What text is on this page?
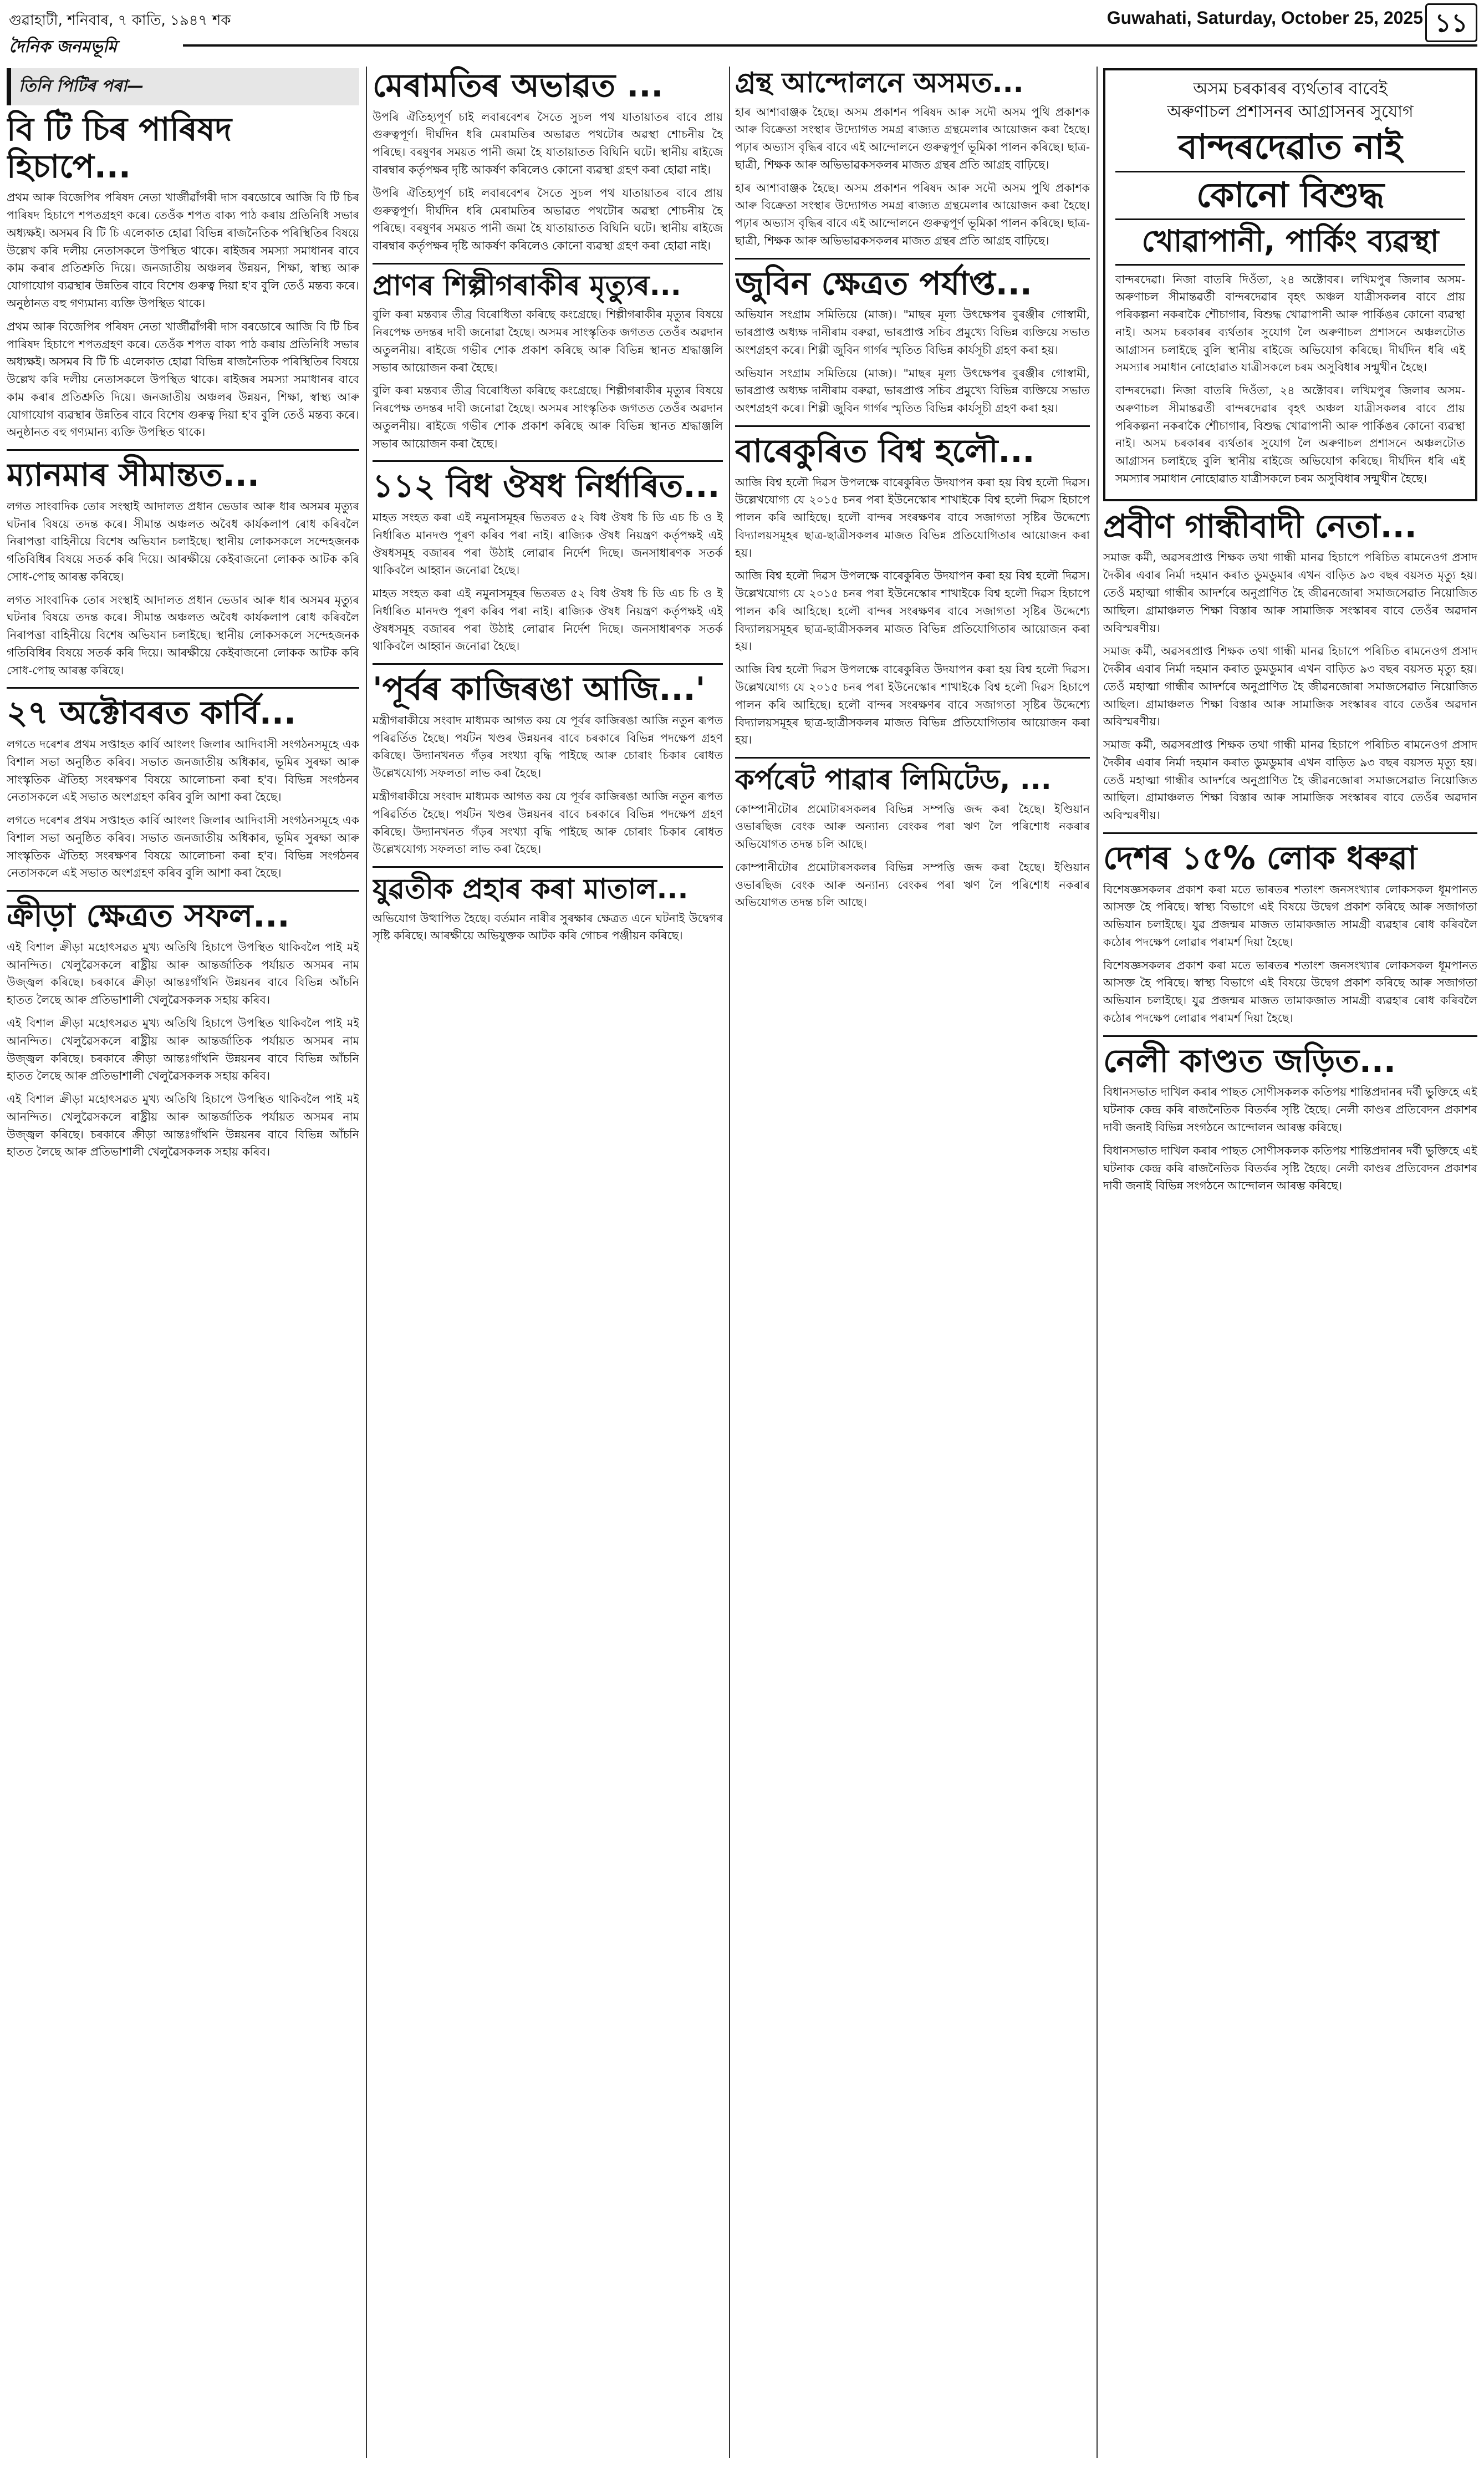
গুৱাহাটী, শনিবাৰ, ৭ কাতি, ১৯৪৭ শক	Guwahati, Saturday, October 25, 2025 ১১
দৈনিক জনমভূমি
তিনি পিটিৰ পৰা—
বি টি চিৰ পাৰিষদ হিচাপে...

প্ৰথম আৰু বিজেপিৰ পৰিষদ নেতা খাৰ্জীৱাঁগৰী দাস বৰডোৰে আজি বি টি চিৰ পাৰিষদ হিচাপে শপতগ্ৰহণ কৰে। তেওঁক শপত বাক্য পাঠ কৰায় প্ৰতিনিধি সভাৰ অধ্যক্ষই। অসমৰ বি টি চি এলেকাত হোৱা বিভিন্ন ৰাজনৈতিক পৰিস্থিতিৰ বিষয়ে উল্লেখ কৰি দলীয় নেতাসকলে উপস্থিত থাকে। ৰাইজৰ সমস্যা সমাধানৰ বাবে কাম কৰাৰ প্ৰতিশ্ৰুতি দিয়ে। জনজাতীয় অঞ্চলৰ উন্নয়ন, শিক্ষা, স্বাস্থ্য আৰু যোগাযোগ ব্যৱস্থাৰ উন্নতিৰ বাবে বিশেষ গুৰুত্ব দিয়া হ'ব বুলি তেওঁ মন্তব্য কৰে। অনুষ্ঠানত বহু গণ্যমান্য ব্যক্তি উপস্থিত থাকে।

প্ৰথম আৰু বিজেপিৰ পৰিষদ নেতা খাৰ্জীৱাঁগৰী দাস বৰডোৰে আজি বি টি চিৰ পাৰিষদ হিচাপে শপতগ্ৰহণ কৰে। তেওঁক শপত বাক্য পাঠ কৰায় প্ৰতিনিধি সভাৰ অধ্যক্ষই। অসমৰ বি টি চি এলেকাত হোৱা বিভিন্ন ৰাজনৈতিক পৰিস্থিতিৰ বিষয়ে উল্লেখ কৰি দলীয় নেতাসকলে উপস্থিত থাকে। ৰাইজৰ সমস্যা সমাধানৰ বাবে কাম কৰাৰ প্ৰতিশ্ৰুতি দিয়ে। জনজাতীয় অঞ্চলৰ উন্নয়ন, শিক্ষা, স্বাস্থ্য আৰু যোগাযোগ ব্যৱস্থাৰ উন্নতিৰ বাবে বিশেষ গুৰুত্ব দিয়া হ'ব বুলি তেওঁ মন্তব্য কৰে। অনুষ্ঠানত বহু গণ্যমান্য ব্যক্তি উপস্থিত থাকে।

ম্যানমাৰ সীমান্তত...

লগত সাংবাদিক তোৰ সংস্থাই আদালত প্ৰধান ভেডাৰ আৰু ধাৰ অসমৰ মৃত্যুৰ ঘটনাৰ বিষয়ে তদন্ত কৰে। সীমান্ত অঞ্চলত অবৈধ কাৰ্যকলাপ ৰোধ কৰিবলৈ নিৰাপত্তা বাহিনীয়ে বিশেষ অভিযান চলাইছে। স্থানীয় লোকসকলে সন্দেহজনক গতিবিধিৰ বিষয়ে সতৰ্ক কৰি দিয়ে। আৰক্ষীয়ে কেইবাজনো লোকক আটক কৰি সোধ-পোছ আৰম্ভ কৰিছে।

লগত সাংবাদিক তোৰ সংস্থাই আদালত প্ৰধান ভেডাৰ আৰু ধাৰ অসমৰ মৃত্যুৰ ঘটনাৰ বিষয়ে তদন্ত কৰে। সীমান্ত অঞ্চলত অবৈধ কাৰ্যকলাপ ৰোধ কৰিবলৈ নিৰাপত্তা বাহিনীয়ে বিশেষ অভিযান চলাইছে। স্থানীয় লোকসকলে সন্দেহজনক গতিবিধিৰ বিষয়ে সতৰ্ক কৰি দিয়ে। আৰক্ষীয়ে কেইবাজনো লোকক আটক কৰি সোধ-পোছ আৰম্ভ কৰিছে।

২৭ অক্টোবৰত কাৰ্বি...

লগতে দৰেশৰ প্ৰথম সপ্তাহত কাৰ্বি আংলং জিলাৰ আদিবাসী সংগঠনসমূহে এক বিশাল সভা অনুষ্ঠিত কৰিব। সভাত জনজাতীয় অধিকাৰ, ভূমিৰ সুৰক্ষা আৰু সাংস্কৃতিক ঐতিহ্য সংৰক্ষণৰ বিষয়ে আলোচনা কৰা হ'ব। বিভিন্ন সংগঠনৰ নেতাসকলে এই সভাত অংশগ্ৰহণ কৰিব বুলি আশা কৰা হৈছে।

লগতে দৰেশৰ প্ৰথম সপ্তাহত কাৰ্বি আংলং জিলাৰ আদিবাসী সংগঠনসমূহে এক বিশাল সভা অনুষ্ঠিত কৰিব। সভাত জনজাতীয় অধিকাৰ, ভূমিৰ সুৰক্ষা আৰু সাংস্কৃতিক ঐতিহ্য সংৰক্ষণৰ বিষয়ে আলোচনা কৰা হ'ব। বিভিন্ন সংগঠনৰ নেতাসকলে এই সভাত অংশগ্ৰহণ কৰিব বুলি আশা কৰা হৈছে।

ক্ৰীড়া ক্ষেত্ৰত সফল...

এই বিশাল ক্ৰীড়া মহোৎসৱত মুখ্য অতিথি হিচাপে উপস্থিত থাকিবলৈ পাই মই আনন্দিত। খেলুৱৈসকলে ৰাষ্ট্ৰীয় আৰু আন্তৰ্জাতিক পৰ্যায়ত অসমৰ নাম উজ্জ্বল কৰিছে। চৰকাৰে ক্ৰীড়া আন্তঃগাঁথনি উন্নয়নৰ বাবে বিভিন্ন আঁচনি হাতত লৈছে আৰু প্ৰতিভাশালী খেলুৱৈসকলক সহায় কৰিব।

এই বিশাল ক্ৰীড়া মহোৎসৱত মুখ্য অতিথি হিচাপে উপস্থিত থাকিবলৈ পাই মই আনন্দিত। খেলুৱৈসকলে ৰাষ্ট্ৰীয় আৰু আন্তৰ্জাতিক পৰ্যায়ত অসমৰ নাম উজ্জ্বল কৰিছে। চৰকাৰে ক্ৰীড়া আন্তঃগাঁথনি উন্নয়নৰ বাবে বিভিন্ন আঁচনি হাতত লৈছে আৰু প্ৰতিভাশালী খেলুৱৈসকলক সহায় কৰিব।

এই বিশাল ক্ৰীড়া মহোৎসৱত মুখ্য অতিথি হিচাপে উপস্থিত থাকিবলৈ পাই মই আনন্দিত। খেলুৱৈসকলে ৰাষ্ট্ৰীয় আৰু আন্তৰ্জাতিক পৰ্যায়ত অসমৰ নাম উজ্জ্বল কৰিছে। চৰকাৰে ক্ৰীড়া আন্তঃগাঁথনি উন্নয়নৰ বাবে বিভিন্ন আঁচনি হাতত লৈছে আৰু প্ৰতিভাশালী খেলুৱৈসকলক সহায় কৰিব।

মেৰামতিৰ অভাৱত ...

উপৰি ঐতিহ্যপূৰ্ণ চাই লবাৰবেশৰ সৈতে সুচল পথ যাতায়াতৰ বাবে প্ৰায় গুৰুত্বপূৰ্ণ। দীৰ্ঘদিন ধৰি মেৰামতিৰ অভাৱত পথটোৰ অৱস্থা শোচনীয় হৈ পৰিছে। বৰষুণৰ সময়ত পানী জমা হৈ যাতায়াতত বিঘিনি ঘটে। স্থানীয় ৰাইজে বাৰম্বাৰ কৰ্তৃপক্ষৰ দৃষ্টি আকৰ্ষণ কৰিলেও কোনো ব্যৱস্থা গ্ৰহণ কৰা হোৱা নাই।

উপৰি ঐতিহ্যপূৰ্ণ চাই লবাৰবেশৰ সৈতে সুচল পথ যাতায়াতৰ বাবে প্ৰায় গুৰুত্বপূৰ্ণ। দীৰ্ঘদিন ধৰি মেৰামতিৰ অভাৱত পথটোৰ অৱস্থা শোচনীয় হৈ পৰিছে। বৰষুণৰ সময়ত পানী জমা হৈ যাতায়াতত বিঘিনি ঘটে। স্থানীয় ৰাইজে বাৰম্বাৰ কৰ্তৃপক্ষৰ দৃষ্টি আকৰ্ষণ কৰিলেও কোনো ব্যৱস্থা গ্ৰহণ কৰা হোৱা নাই।

প্ৰাণৰ শিল্পীগৰাকীৰ মৃত্যুৰ...

বুলি কৰা মন্তব্যৰ তীব্ৰ বিৰোধিতা কৰিছে কংগ্ৰেছে। শিল্পীগৰাকীৰ মৃত্যুৰ বিষয়ে নিৰপেক্ষ তদন্তৰ দাবী জনোৱা হৈছে। অসমৰ সাংস্কৃতিক জগতত তেওঁৰ অৱদান অতুলনীয়। ৰাইজে গভীৰ শোক প্ৰকাশ কৰিছে আৰু বিভিন্ন স্থানত শ্ৰদ্ধাঞ্জলি সভাৰ আয়োজন কৰা হৈছে।

বুলি কৰা মন্তব্যৰ তীব্ৰ বিৰোধিতা কৰিছে কংগ্ৰেছে। শিল্পীগৰাকীৰ মৃত্যুৰ বিষয়ে নিৰপেক্ষ তদন্তৰ দাবী জনোৱা হৈছে। অসমৰ সাংস্কৃতিক জগতত তেওঁৰ অৱদান অতুলনীয়। ৰাইজে গভীৰ শোক প্ৰকাশ কৰিছে আৰু বিভিন্ন স্থানত শ্ৰদ্ধাঞ্জলি সভাৰ আয়োজন কৰা হৈছে।

১১২ বিধ ঔষধ নিৰ্ধাৰিত...

মাহত সংহত কৰা এই নমুনাসমূহৰ ভিতৰত ৫২ বিধ ঔষধ চি ডি এচ চি ও ই নিৰ্ধাৰিত মানদণ্ড পূৰণ কৰিব পৰা নাই। ৰাজ্যিক ঔষধ নিয়ন্ত্ৰণ কৰ্তৃপক্ষই এই ঔষধসমূহ বজাৰৰ পৰা উঠাই লোৱাৰ নিৰ্দেশ দিছে। জনসাধাৰণক সতৰ্ক থাকিবলৈ আহ্বান জনোৱা হৈছে।

মাহত সংহত কৰা এই নমুনাসমূহৰ ভিতৰত ৫২ বিধ ঔষধ চি ডি এচ চি ও ই নিৰ্ধাৰিত মানদণ্ড পূৰণ কৰিব পৰা নাই। ৰাজ্যিক ঔষধ নিয়ন্ত্ৰণ কৰ্তৃপক্ষই এই ঔষধসমূহ বজাৰৰ পৰা উঠাই লোৱাৰ নিৰ্দেশ দিছে। জনসাধাৰণক সতৰ্ক থাকিবলৈ আহ্বান জনোৱা হৈছে।

'পূৰ্বৰ কাজিৰঙা আজি...'

মন্ত্ৰীগৰাকীয়ে সংবাদ মাধ্যমক আগত কয় যে পূৰ্বৰ কাজিৰঙা আজি নতুন ৰূপত পৰিৱৰ্তিত হৈছে। পৰ্যটন খণ্ডৰ উন্নয়নৰ বাবে চৰকাৰে বিভিন্ন পদক্ষেপ গ্ৰহণ কৰিছে। উদ্যানখনত গঁড়ৰ সংখ্যা বৃদ্ধি পাইছে আৰু চোৰাং চিকাৰ ৰোধত উল্লেখযোগ্য সফলতা লাভ কৰা হৈছে।

মন্ত্ৰীগৰাকীয়ে সংবাদ মাধ্যমক আগত কয় যে পূৰ্বৰ কাজিৰঙা আজি নতুন ৰূপত পৰিৱৰ্তিত হৈছে। পৰ্যটন খণ্ডৰ উন্নয়নৰ বাবে চৰকাৰে বিভিন্ন পদক্ষেপ গ্ৰহণ কৰিছে। উদ্যানখনত গঁড়ৰ সংখ্যা বৃদ্ধি পাইছে আৰু চোৰাং চিকাৰ ৰোধত উল্লেখযোগ্য সফলতা লাভ কৰা হৈছে।

যুৱতীক প্ৰহাৰ কৰা মাতাল...

অভিযোগ উত্থাপিত হৈছে। বৰ্তমান নাৰীৰ সুৰক্ষাৰ ক্ষেত্ৰত এনে ঘটনাই উদ্বেগৰ সৃষ্টি কৰিছে। আৰক্ষীয়ে অভিযুক্তক আটক কৰি গোচৰ পঞ্জীয়ন কৰিছে।

গ্ৰন্থ আন্দোলনে অসমত...

হাৰ আশাবাঞ্জক হৈছে। অসম প্ৰকাশন পৰিষদ আৰু সদৌ অসম পুথি প্ৰকাশক আৰু বিক্ৰেতা সংস্থাৰ উদ্যোগত সমগ্ৰ ৰাজ্যত গ্ৰন্থমেলাৰ আয়োজন কৰা হৈছে। পঢ়াৰ অভ্যাস বৃদ্ধিৰ বাবে এই আন্দোলনে গুৰুত্বপূৰ্ণ ভূমিকা পালন কৰিছে। ছাত্ৰ-ছাত্ৰী, শিক্ষক আৰু অভিভাৱকসকলৰ মাজত গ্ৰন্থৰ প্ৰতি আগ্ৰহ বাঢ়িছে।

হাৰ আশাবাঞ্জক হৈছে। অসম প্ৰকাশন পৰিষদ আৰু সদৌ অসম পুথি প্ৰকাশক আৰু বিক্ৰেতা সংস্থাৰ উদ্যোগত সমগ্ৰ ৰাজ্যত গ্ৰন্থমেলাৰ আয়োজন কৰা হৈছে। পঢ়াৰ অভ্যাস বৃদ্ধিৰ বাবে এই আন্দোলনে গুৰুত্বপূৰ্ণ ভূমিকা পালন কৰিছে। ছাত্ৰ-ছাত্ৰী, শিক্ষক আৰু অভিভাৱকসকলৰ মাজত গ্ৰন্থৰ প্ৰতি আগ্ৰহ বাঢ়িছে।

জুবিন ক্ষেত্ৰত পৰ্যাপ্ত...

অভিযান সংগ্ৰাম সমিতিয়ে (মাজ)। "মাছৰ মূল্য উৎক্ষেপৰ বুৰঞ্জীৰ গোস্বামী, ভাৰপ্ৰাপ্ত অধ্যক্ষ দানীৰাম বৰুৱা, ভাৰপ্ৰাপ্ত সচিব প্ৰমুখ্যে বিভিন্ন ব্যক্তিয়ে সভাত অংশগ্ৰহণ কৰে। শিল্পী জুবিন গাৰ্গৰ স্মৃতিত বিভিন্ন কাৰ্যসূচী গ্ৰহণ কৰা হয়।

অভিযান সংগ্ৰাম সমিতিয়ে (মাজ)। "মাছৰ মূল্য উৎক্ষেপৰ বুৰঞ্জীৰ গোস্বামী, ভাৰপ্ৰাপ্ত অধ্যক্ষ দানীৰাম বৰুৱা, ভাৰপ্ৰাপ্ত সচিব প্ৰমুখ্যে বিভিন্ন ব্যক্তিয়ে সভাত অংশগ্ৰহণ কৰে। শিল্পী জুবিন গাৰ্গৰ স্মৃতিত বিভিন্ন কাৰ্যসূচী গ্ৰহণ কৰা হয়।

বাৰেকুৰিত বিশ্ব হলৌ...

আজি বিশ্ব হলৌ দিৱস উপলক্ষে বাৰেকুৰিত উদযাপন কৰা হয় বিশ্ব হলৌ দিৱস। উল্লেখযোগ্য যে ২০১৫ চনৰ পৰা ইউনেস্কোৰ শাখাইকে বিশ্ব হলৌ দিৱস হিচাপে পালন কৰি আহিছে। হলৌ বান্দৰ সংৰক্ষণৰ বাবে সজাগতা সৃষ্টিৰ উদ্দেশ্যে বিদ্যালয়সমূহৰ ছাত্ৰ-ছাত্ৰীসকলৰ মাজত বিভিন্ন প্ৰতিযোগিতাৰ আয়োজন কৰা হয়।

আজি বিশ্ব হলৌ দিৱস উপলক্ষে বাৰেকুৰিত উদযাপন কৰা হয় বিশ্ব হলৌ দিৱস। উল্লেখযোগ্য যে ২০১৫ চনৰ পৰা ইউনেস্কোৰ শাখাইকে বিশ্ব হলৌ দিৱস হিচাপে পালন কৰি আহিছে। হলৌ বান্দৰ সংৰক্ষণৰ বাবে সজাগতা সৃষ্টিৰ উদ্দেশ্যে বিদ্যালয়সমূহৰ ছাত্ৰ-ছাত্ৰীসকলৰ মাজত বিভিন্ন প্ৰতিযোগিতাৰ আয়োজন কৰা হয়।

আজি বিশ্ব হলৌ দিৱস উপলক্ষে বাৰেকুৰিত উদযাপন কৰা হয় বিশ্ব হলৌ দিৱস। উল্লেখযোগ্য যে ২০১৫ চনৰ পৰা ইউনেস্কোৰ শাখাইকে বিশ্ব হলৌ দিৱস হিচাপে পালন কৰি আহিছে। হলৌ বান্দৰ সংৰক্ষণৰ বাবে সজাগতা সৃষ্টিৰ উদ্দেশ্যে বিদ্যালয়সমূহৰ ছাত্ৰ-ছাত্ৰীসকলৰ মাজত বিভিন্ন প্ৰতিযোগিতাৰ আয়োজন কৰা হয়।

কৰ্পৰেট পাৱাৰ লিমিটেড, ...

কোম্পানীটোৰ প্ৰমোটাৰসকলৰ বিভিন্ন সম্পত্তি জব্দ কৰা হৈছে। ইণ্ডিয়ান ওভাৰছিজ বেংক আৰু অন্যান্য বেংকৰ পৰা ঋণ লৈ পৰিশোধ নকৰাৰ অভিযোগত তদন্ত চলি আছে।

কোম্পানীটোৰ প্ৰমোটাৰসকলৰ বিভিন্ন সম্পত্তি জব্দ কৰা হৈছে। ইণ্ডিয়ান ওভাৰছিজ বেংক আৰু অন্যান্য বেংকৰ পৰা ঋণ লৈ পৰিশোধ নকৰাৰ অভিযোগত তদন্ত চলি আছে।

অসম চৰকাৰৰ ব্যৰ্থতাৰ বাবেই
অৰুণাচল প্ৰশাসনৰ আগ্ৰাসনৰ সুযোগ
বান্দৰদেৱাত নাই
কোনো বিশুদ্ধ
খোৱাপানী, পাৰ্কিং ব্যৱস্থা

বান্দৰদেৱা। নিজা বাতৰি দিওঁতা, ২৪ অক্টোবৰ। লখিমপুৰ জিলাৰ অসম-অৰুণাচল সীমান্তৱৰ্তী বান্দৰদেৱাৰ বৃহৎ অঞ্চল যাত্ৰীসকলৰ বাবে প্ৰায় পৰিকল্পনা নকৰাকৈ শৌচাগাৰ, বিশুদ্ধ খোৱাপানী আৰু পাৰ্কিঙৰ কোনো ব্যৱস্থা নাই। অসম চৰকাৰৰ ব্যৰ্থতাৰ সুযোগ লৈ অৰুণাচল প্ৰশাসনে অঞ্চলটোত আগ্ৰাসন চলাইছে বুলি স্থানীয় ৰাইজে অভিযোগ কৰিছে। দীৰ্ঘদিন ধৰি এই সমস্যাৰ সমাধান নোহোৱাত যাত্ৰীসকলে চৰম অসুবিধাৰ সন্মুখীন হৈছে।

বান্দৰদেৱা। নিজা বাতৰি দিওঁতা, ২৪ অক্টোবৰ। লখিমপুৰ জিলাৰ অসম-অৰুণাচল সীমান্তৱৰ্তী বান্দৰদেৱাৰ বৃহৎ অঞ্চল যাত্ৰীসকলৰ বাবে প্ৰায় পৰিকল্পনা নকৰাকৈ শৌচাগাৰ, বিশুদ্ধ খোৱাপানী আৰু পাৰ্কিঙৰ কোনো ব্যৱস্থা নাই। অসম চৰকাৰৰ ব্যৰ্থতাৰ সুযোগ লৈ অৰুণাচল প্ৰশাসনে অঞ্চলটোত আগ্ৰাসন চলাইছে বুলি স্থানীয় ৰাইজে অভিযোগ কৰিছে। দীৰ্ঘদিন ধৰি এই সমস্যাৰ সমাধান নোহোৱাত যাত্ৰীসকলে চৰম অসুবিধাৰ সন্মুখীন হৈছে।

প্ৰবীণ গান্ধীবাদী নেতা...

সমাজ কৰ্মী, অৱসৰপ্ৰাপ্ত শিক্ষক তথা গান্ধী মানৱ হিচাপে পৰিচিত ৰামনেওগ প্ৰসাদ দৈকীৰ এবাৰ নিৰ্মা দহমান কৰাত ডুমডুমাৰ এখন বাড়িত ৯৩ বছৰ বয়সত মৃত্যু হয়। তেওঁ মহাত্মা গান্ধীৰ আদৰ্শৰে অনুপ্ৰাণিত হৈ জীৱনজোৰা সমাজসেৱাত নিয়োজিত আছিল। গ্ৰামাঞ্চলত শিক্ষা বিস্তাৰ আৰু সামাজিক সংস্কাৰৰ বাবে তেওঁৰ অৱদান অবিস্মৰণীয়।

সমাজ কৰ্মী, অৱসৰপ্ৰাপ্ত শিক্ষক তথা গান্ধী মানৱ হিচাপে পৰিচিত ৰামনেওগ প্ৰসাদ দৈকীৰ এবাৰ নিৰ্মা দহমান কৰাত ডুমডুমাৰ এখন বাড়িত ৯৩ বছৰ বয়সত মৃত্যু হয়। তেওঁ মহাত্মা গান্ধীৰ আদৰ্শৰে অনুপ্ৰাণিত হৈ জীৱনজোৰা সমাজসেৱাত নিয়োজিত আছিল। গ্ৰামাঞ্চলত শিক্ষা বিস্তাৰ আৰু সামাজিক সংস্কাৰৰ বাবে তেওঁৰ অৱদান অবিস্মৰণীয়।

সমাজ কৰ্মী, অৱসৰপ্ৰাপ্ত শিক্ষক তথা গান্ধী মানৱ হিচাপে পৰিচিত ৰামনেওগ প্ৰসাদ দৈকীৰ এবাৰ নিৰ্মা দহমান কৰাত ডুমডুমাৰ এখন বাড়িত ৯৩ বছৰ বয়সত মৃত্যু হয়। তেওঁ মহাত্মা গান্ধীৰ আদৰ্শৰে অনুপ্ৰাণিত হৈ জীৱনজোৰা সমাজসেৱাত নিয়োজিত আছিল। গ্ৰামাঞ্চলত শিক্ষা বিস্তাৰ আৰু সামাজিক সংস্কাৰৰ বাবে তেওঁৰ অৱদান অবিস্মৰণীয়।

দেশৰ ১৫% লোক ধৰুৱা

বিশেষজ্ঞসকলৰ প্ৰকাশ কৰা মতে ভাৰতৰ শতাংশ জনসংখ্যাৰ লোকসকল ধূমপানত আসক্ত হৈ পৰিছে। স্বাস্থ্য বিভাগে এই বিষয়ে উদ্বেগ প্ৰকাশ কৰিছে আৰু সজাগতা অভিযান চলাইছে। যুৱ প্ৰজন্মৰ মাজত তামাকজাত সামগ্ৰী ব্যৱহাৰ ৰোধ কৰিবলৈ কঠোৰ পদক্ষেপ লোৱাৰ পৰামৰ্শ দিয়া হৈছে।

বিশেষজ্ঞসকলৰ প্ৰকাশ কৰা মতে ভাৰতৰ শতাংশ জনসংখ্যাৰ লোকসকল ধূমপানত আসক্ত হৈ পৰিছে। স্বাস্থ্য বিভাগে এই বিষয়ে উদ্বেগ প্ৰকাশ কৰিছে আৰু সজাগতা অভিযান চলাইছে। যুৱ প্ৰজন্মৰ মাজত তামাকজাত সামগ্ৰী ব্যৱহাৰ ৰোধ কৰিবলৈ কঠোৰ পদক্ষেপ লোৱাৰ পৰামৰ্শ দিয়া হৈছে।

নেলী কাণ্ডত জড়িত...

বিধানসভাত দাখিল কৰাৰ পাছত সোণীসকলক কতিপয় শান্তিপ্ৰদানৰ দৰ্বী ভুক্তিহে এই ঘটনাক কেন্দ্ৰ কৰি ৰাজনৈতিক বিতৰ্কৰ সৃষ্টি হৈছে। নেলী কাণ্ডৰ প্ৰতিবেদন প্ৰকাশৰ দাবী জনাই বিভিন্ন সংগঠনে আন্দোলন আৰম্ভ কৰিছে।

বিধানসভাত দাখিল কৰাৰ পাছত সোণীসকলক কতিপয় শান্তিপ্ৰদানৰ দৰ্বী ভুক্তিহে এই ঘটনাক কেন্দ্ৰ কৰি ৰাজনৈতিক বিতৰ্কৰ সৃষ্টি হৈছে। নেলী কাণ্ডৰ প্ৰতিবেদন প্ৰকাশৰ দাবী জনাই বিভিন্ন সংগঠনে আন্দোলন আৰম্ভ কৰিছে।
